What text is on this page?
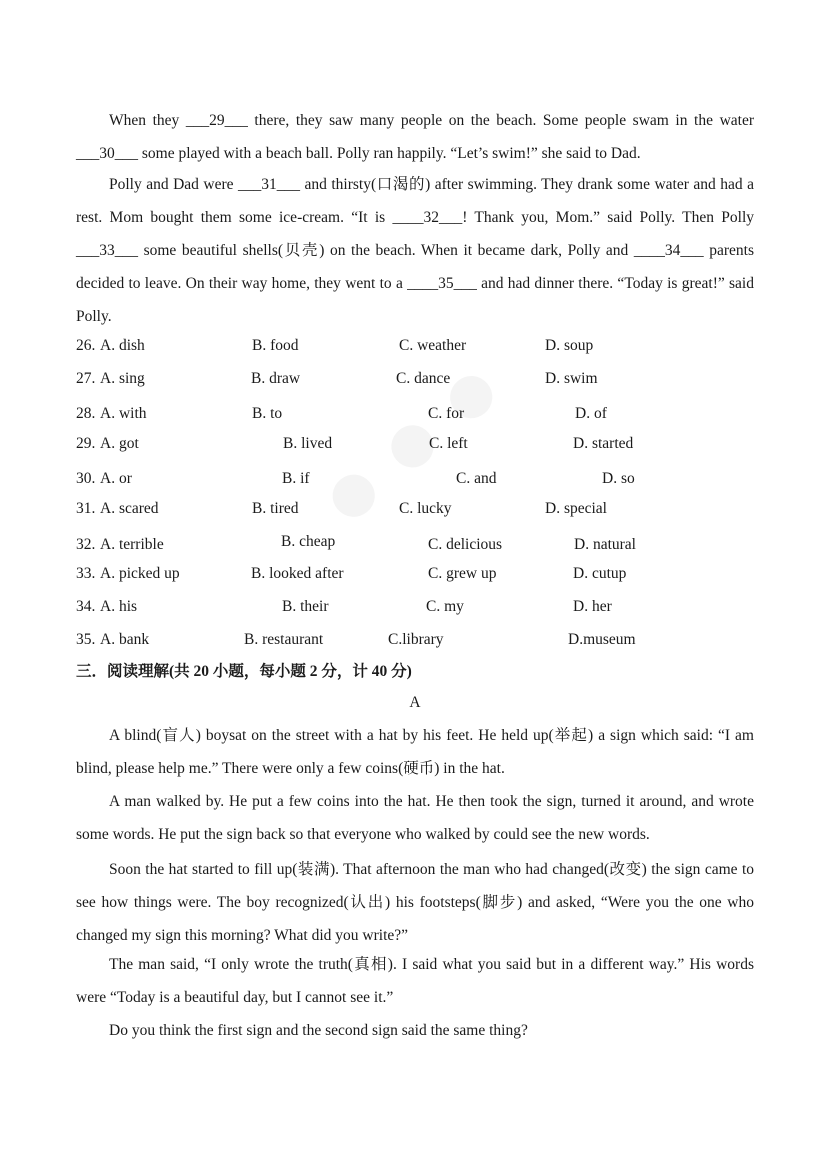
When they ___29___ there, they saw many people on the beach. Some people swam in the water ___30___ some played with a beach ball. Polly ran happily. “Let’s swim!” she said to Dad.

Polly and Dad were ___31___ and thirsty(口渴的) after swimming. They drank some water and had a rest. Mom bought them some ice-cream. “It is ____32___! Thank you, Mom.” said Polly. Then Polly ___33___ some beautiful shells(贝壳) on the beach. When it became dark, Polly and ____34___ parents decided to leave. On their way home, they went to a ____35___ and had dinner there. “Today is great!” said Polly.

26. A. dish	B. food	C. weather	D. soup
27. A. sing	B. draw	C. dance	D. swim
28. A. with	B. to	C. for	D. of
29. A. got	B. lived	C. left	D. started
30. A. or	B. if	C. and	D. so
31. A. scared	B. tired	C. lucky	D. special
32. A. terrible	B. cheap	C. delicious	D. natural
33. A. picked up	B. looked after	C. grew up	D. cutup
34. A. his	B. their	C. my	D. her
35. A. bank	B. restaurant	C.library	D.museum
三．阅读理解(共 20 小题，每小题 2 分，计 40 分)
A

A blind(盲人) boysat on the street with a hat by his feet. He held up(举起) a sign which said: “I am blind, please help me.” There were only a few coins(硬币) in the hat.

A man walked by. He put a few coins into the hat. He then took the sign, turned it around, and wrote some words. He put the sign back so that everyone who walked by could see the new words.

Soon the hat started to fill up(装满). That afternoon the man who had changed(改变) the sign came to see how things were. The boy recognized(认出) his footsteps(脚步) and asked, “Were you the one who changed my sign this morning? What did you write?”

The man said, “I only wrote the truth(真相). I said what you said but in a different way.” His words were “Today is a beautiful day, but I cannot see it.”

Do you think the first sign and the second sign said the same thing?
